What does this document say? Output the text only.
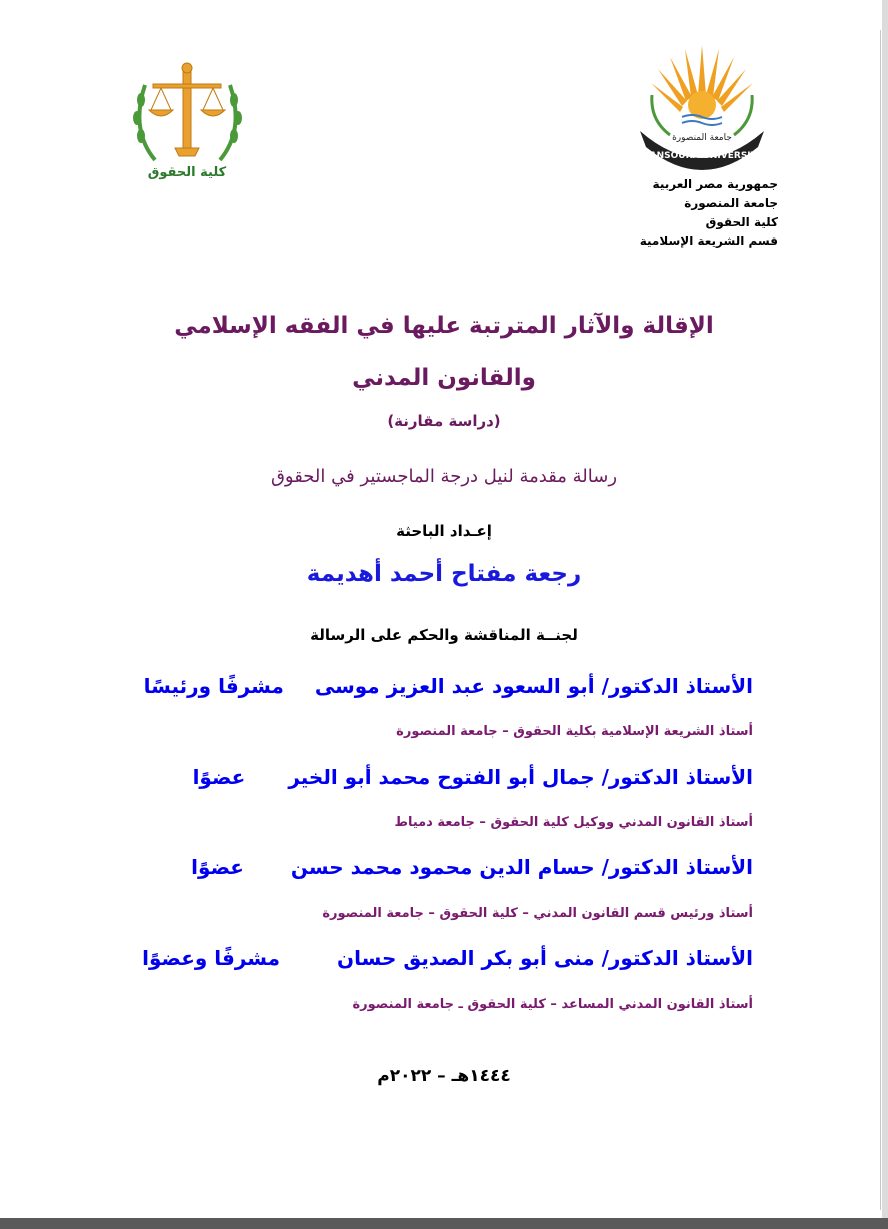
MANSOURA UNIVERSITY
جامعة المنصورة
كلية الحقوق
جمهورية مصر العربية
جامعة المنصورة
كلية الحقوق
قسم الشريعة الإسلامية
الإقالة والآثار المترتبة عليها في الفقه الإسلامي
والقانون المدني
(دراسة مقارنة)
رسالة مقدمة لنيل درجة الماجستير في الحقوق
إعـداد الباحثة
رجعة مفتاح أحمد أهديمة
لجنــة المناقشة والحكم على الرسالة
الأستاذ الدكتور/ أبو السعود عبد العزيز موسى مشرفًا ورئيسًا
أستاذ الشريعة الإسلامية بكلية الحقوق – جامعة المنصورة
الأستاذ الدكتور/ جمال أبو الفتوح محمد أبو الخير عضوًا
أستاذ القانون المدني ووكيل كلية الحقوق – جامعة دمياط
الأستاذ الدكتور/ حسام الدين محمود محمد حسن عضوًا
أستاذ ورئيس قسم القانون المدني – كلية الحقوق – جامعة المنصورة
الأستاذ الدكتور/ منى أبو بكر الصديق حسان مشرفًا وعضوًا
أستاذ القانون المدني المساعد – كلية الحقوق ـ جامعة المنصورة
١٤٤٤هـ – ٢٠٢٢م
